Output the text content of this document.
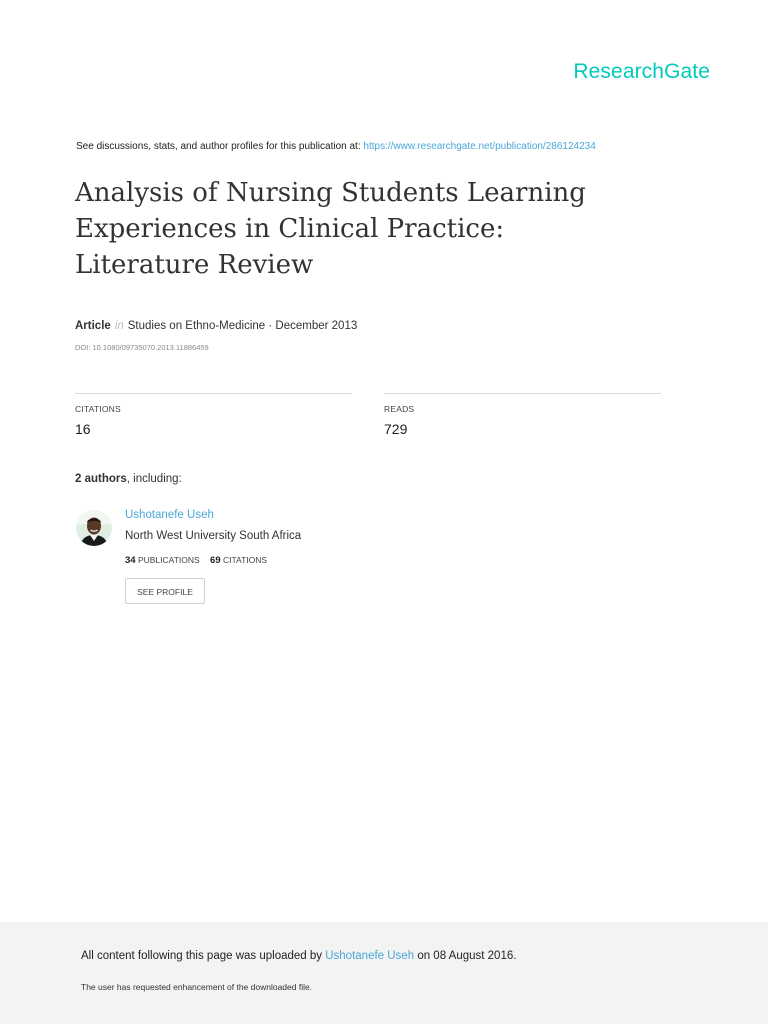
ResearchGate
See discussions, stats, and author profiles for this publication at: https://www.researchgate.net/publication/286124234
Analysis of Nursing Students Learning Experiences in Clinical Practice: Literature Review
Article in Studies on Ethno-Medicine · December 2013
DOI: 10.1080/09735070.2013.11886459
CITATIONS
16
READS
729
2 authors, including:
Ushotanefe Useh
North West University South Africa
34 PUBLICATIONS 69 CITATIONS
SEE PROFILE
All content following this page was uploaded by Ushotanefe Useh on 08 August 2016.
The user has requested enhancement of the downloaded file.
